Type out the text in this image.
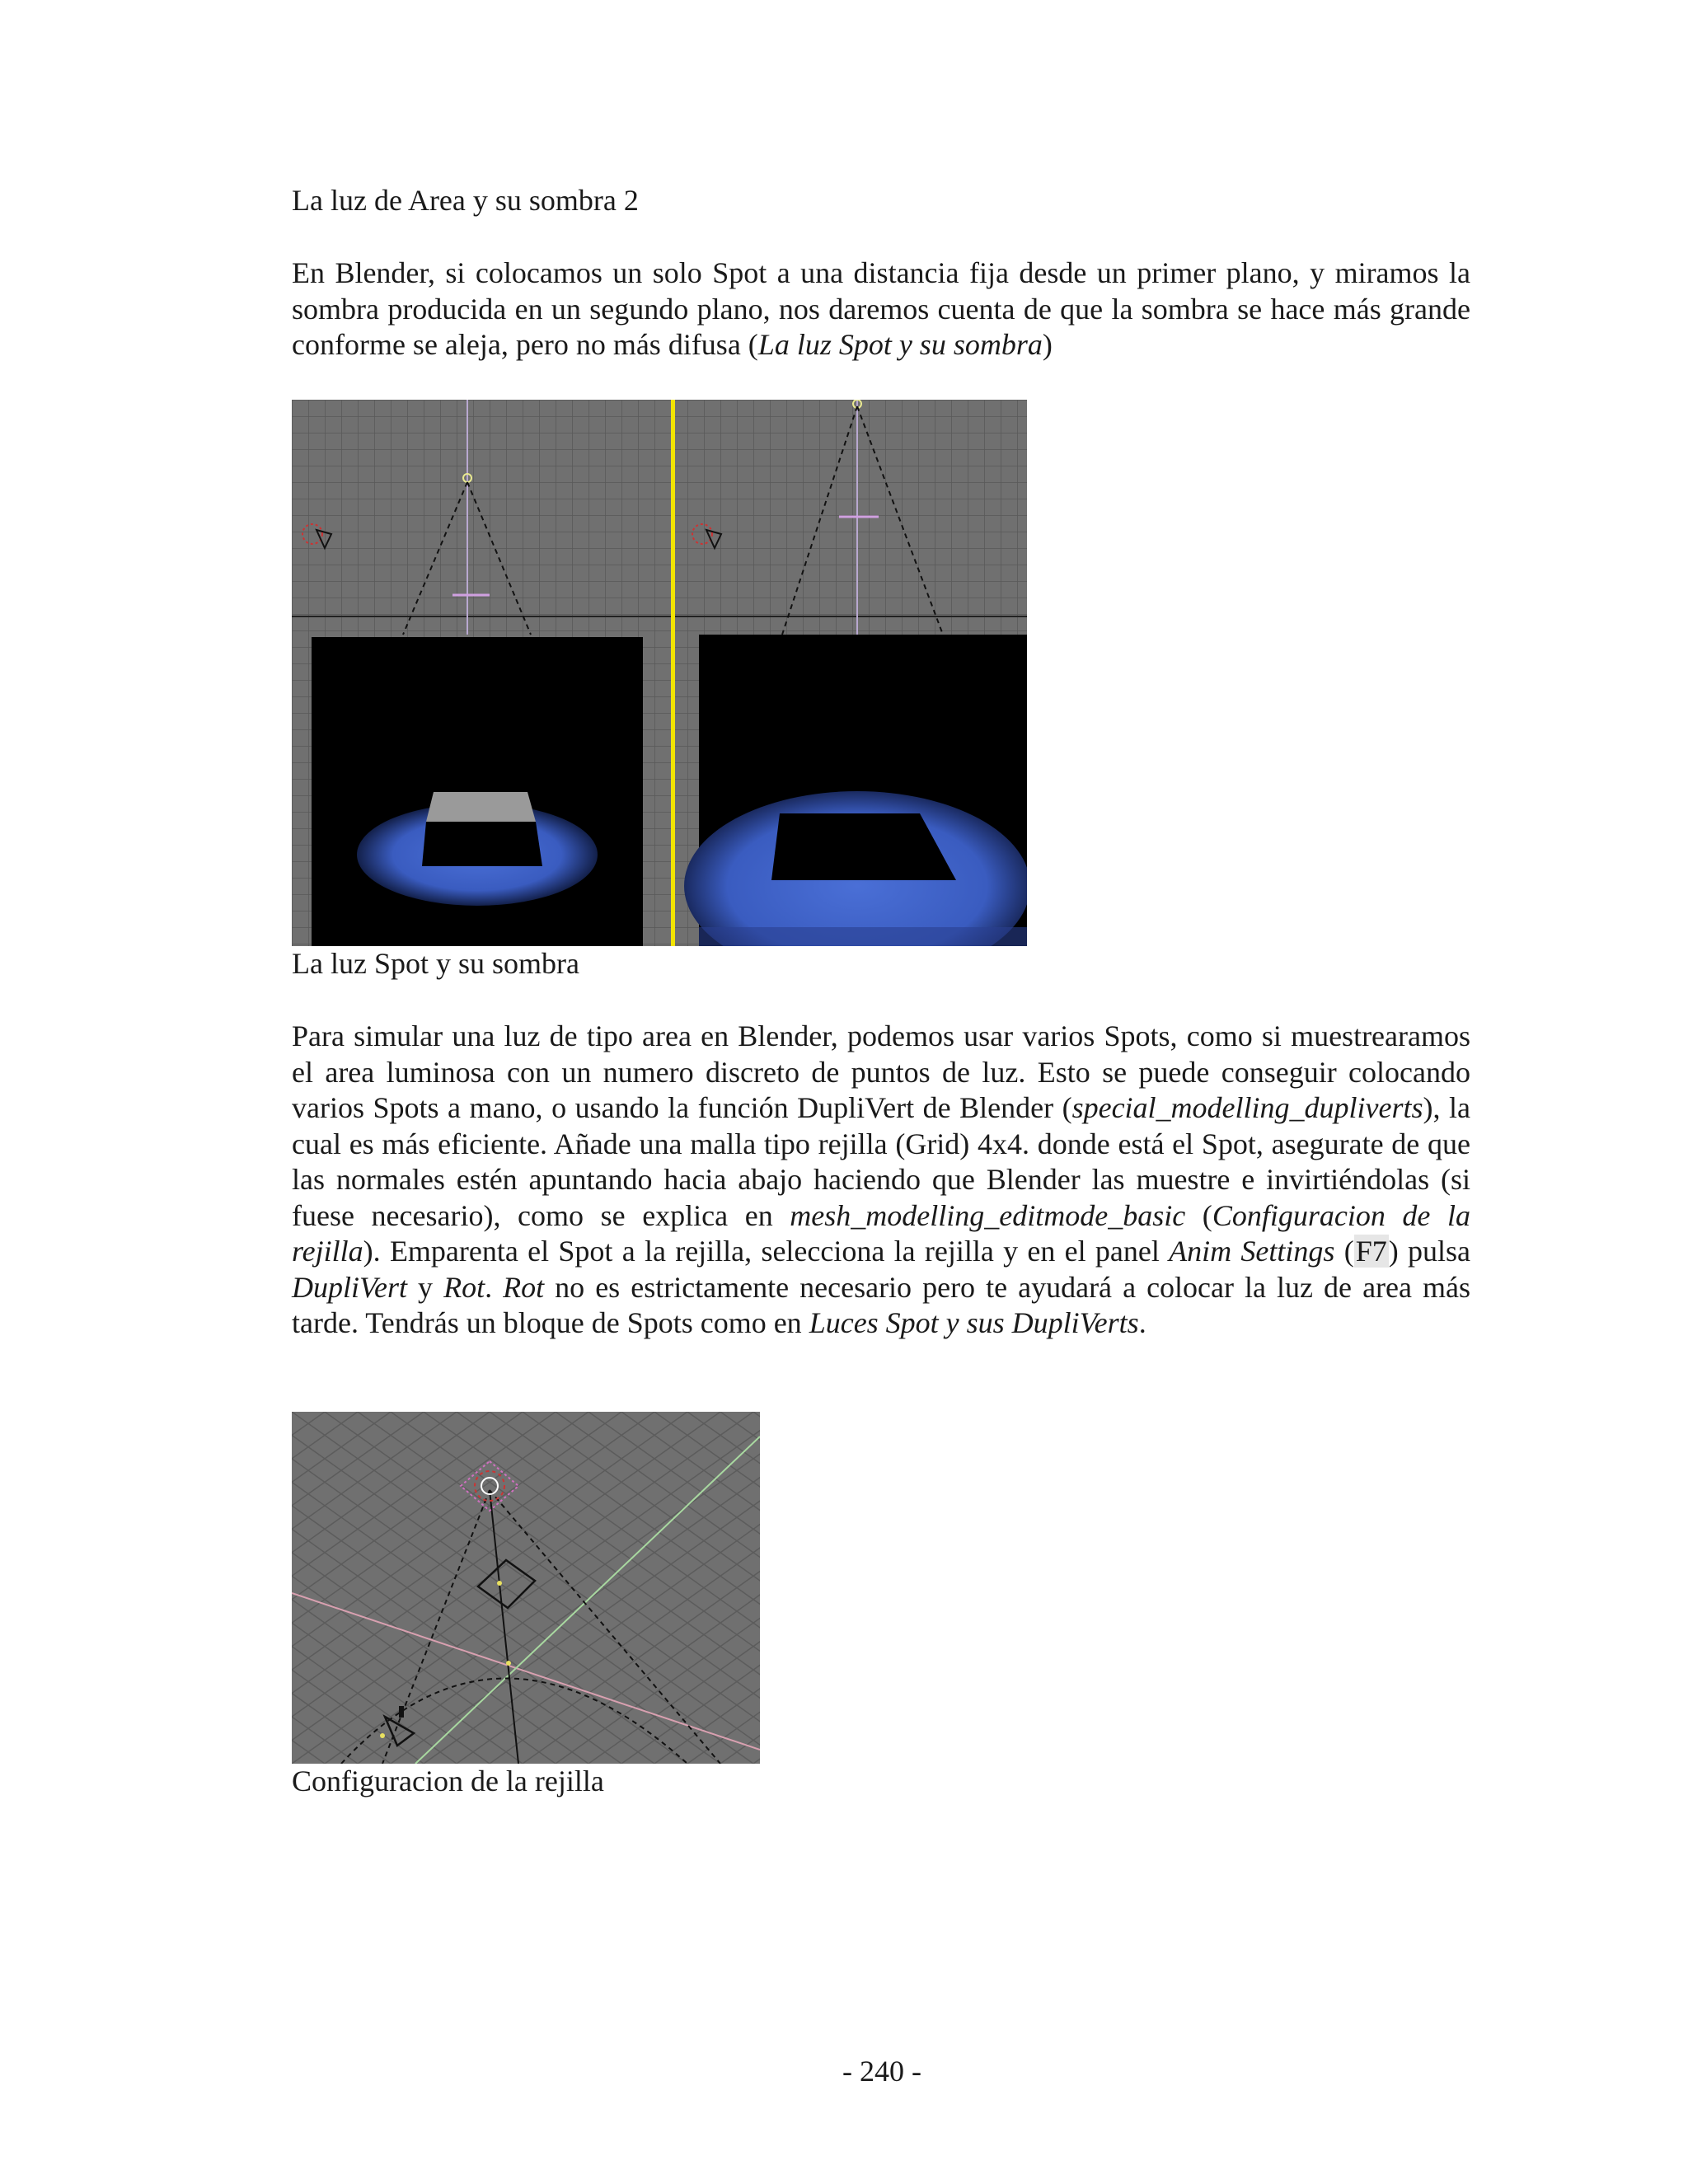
La luz de Area y su sombra 2

En Blender, si colocamos un solo Spot a una distancia fija desde un primer plano, y miramos la sombra producida en un segundo plano, nos daremos cuenta de que la sombra se hace más grande conforme se aleja, pero no más difusa (La luz Spot y su sombra)

La luz Spot y su sombra

Para simular una luz de tipo area en Blender, podemos usar varios Spots, como si muestrearamos el area luminosa con un numero discreto de puntos de luz. Esto se puede conseguir colocando varios Spots a mano, o usando la función DupliVert de Blender (special_modelling_dupliverts), la cual es más eficiente. Añade una malla tipo rejilla (Grid) 4x4. donde está el Spot, asegurate de que las normales estén apuntando hacia abajo haciendo que Blender las muestre e invirtiéndolas (si fuese necesario), como se explica en mesh_modelling_editmode_basic (Configuracion de la rejilla). Emparenta el Spot a la rejilla, selecciona la rejilla y en el panel Anim Settings (F7) pulsa DupliVert y Rot. Rot no es estrictamente necesario pero te ayudará a colocar la luz de area más tarde. Tendrás un bloque de Spots como en Luces Spot y sus DupliVerts.

Configuracion de la rejilla

- 240 -
